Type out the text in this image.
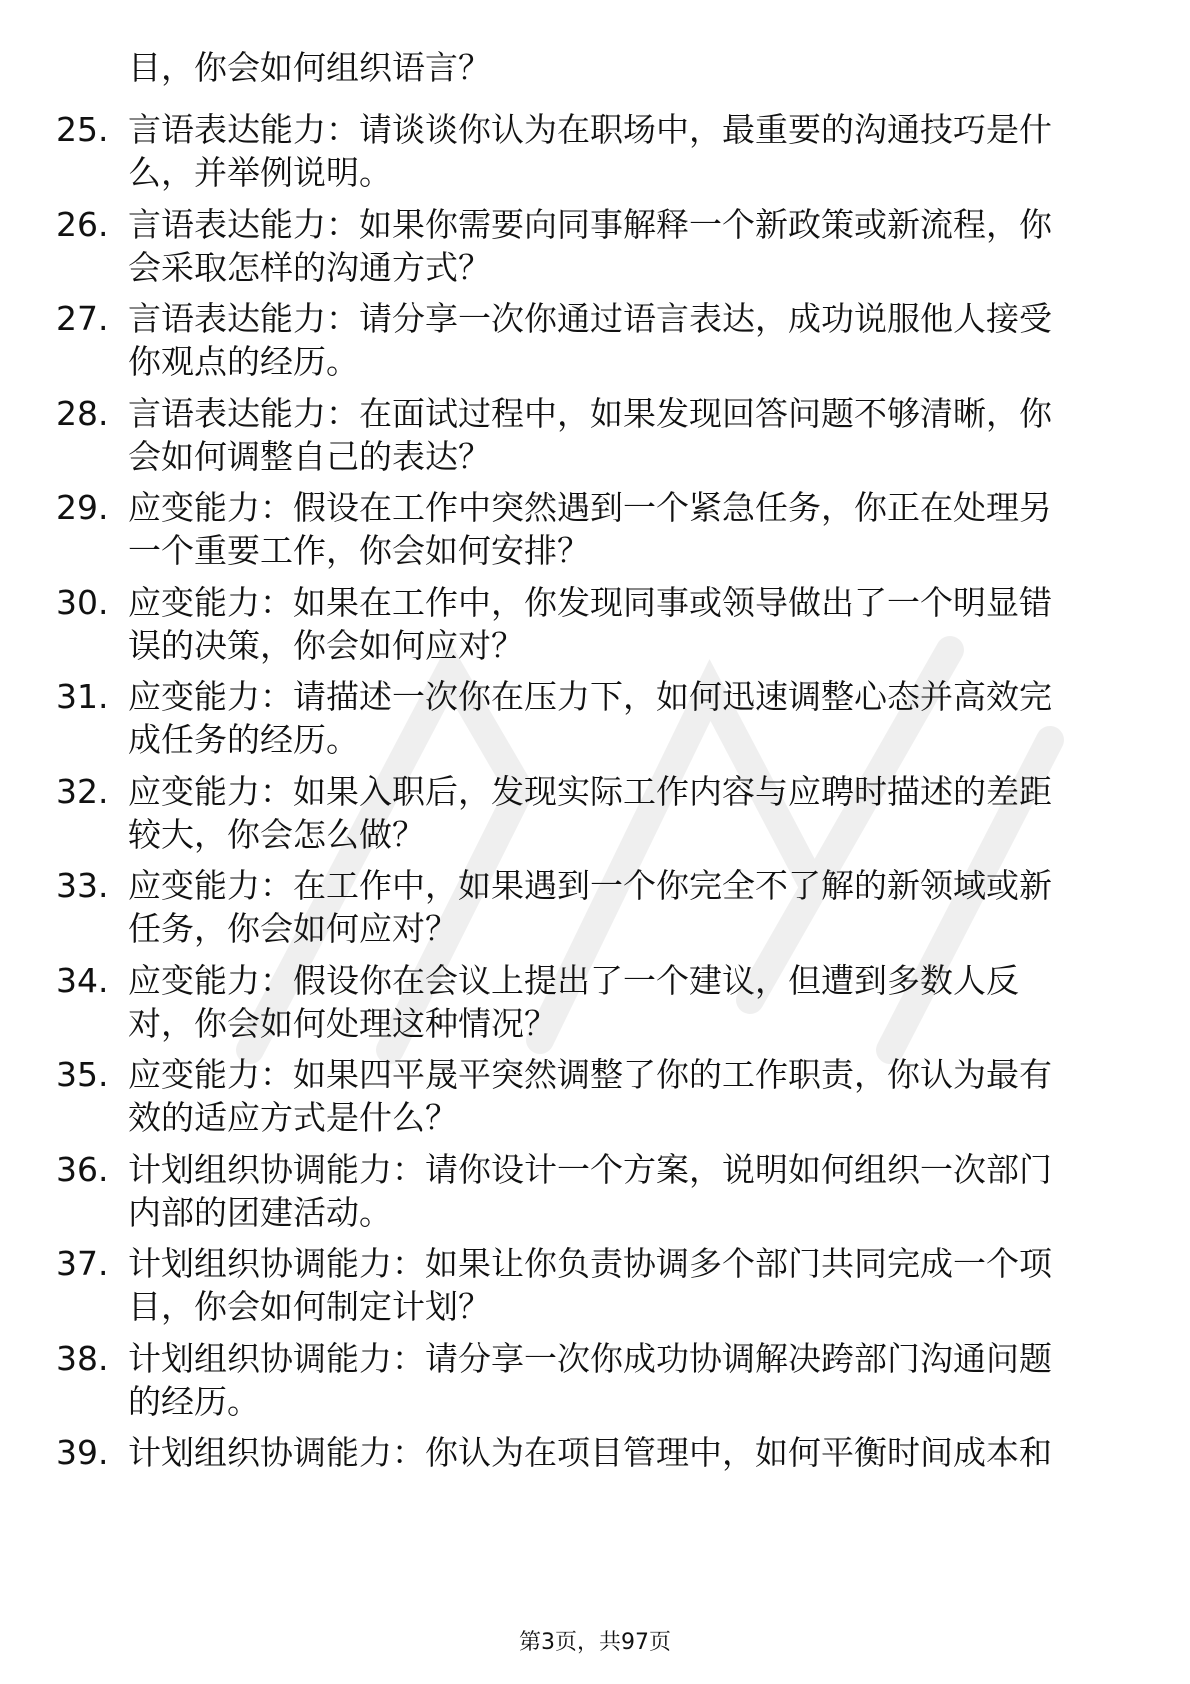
目，你会如何组织语言？
25. 言语表达能力：请谈谈你认为在职场中，最重要的沟通技巧是什
么，并举例说明。
26. 言语表达能力：如果你需要向同事解释一个新政策或新流程，你
会采取怎样的沟通方式？
27. 言语表达能力：请分享一次你通过语言表达，成功说服他人接受
你观点的经历。
28. 言语表达能力：在面试过程中，如果发现回答问题不够清晰，你
会如何调整自己的表达？
29. 应变能力：假设在工作中突然遇到一个紧急任务，你正在处理另
一个重要工作，你会如何安排？
30. 应变能力：如果在工作中，你发现同事或领导做出了一个明显错
误的决策，你会如何应对？
31. 应变能力：请描述一次你在压力下，如何迅速调整心态并高效完
成任务的经历。
32. 应变能力：如果入职后，发现实际工作内容与应聘时描述的差距
较大，你会怎么做？
33. 应变能力：在工作中，如果遇到一个你完全不了解的新领域或新
任务，你会如何应对？
34. 应变能力：假设你在会议上提出了一个建议，但遭到多数人反
对，你会如何处理这种情况？
35. 应变能力：如果四平晟平突然调整了你的工作职责，你认为最有
效的适应方式是什么？
36. 计划组织协调能力：请你设计一个方案，说明如何组织一次部门
内部的团建活动。
37. 计划组织协调能力：如果让你负责协调多个部门共同完成一个项
目，你会如何制定计划？
38. 计划组织协调能力：请分享一次你成功协调解决跨部门沟通问题
的经历。
39. 计划组织协调能力：你认为在项目管理中，如何平衡时间成本和
第3页，共97页
